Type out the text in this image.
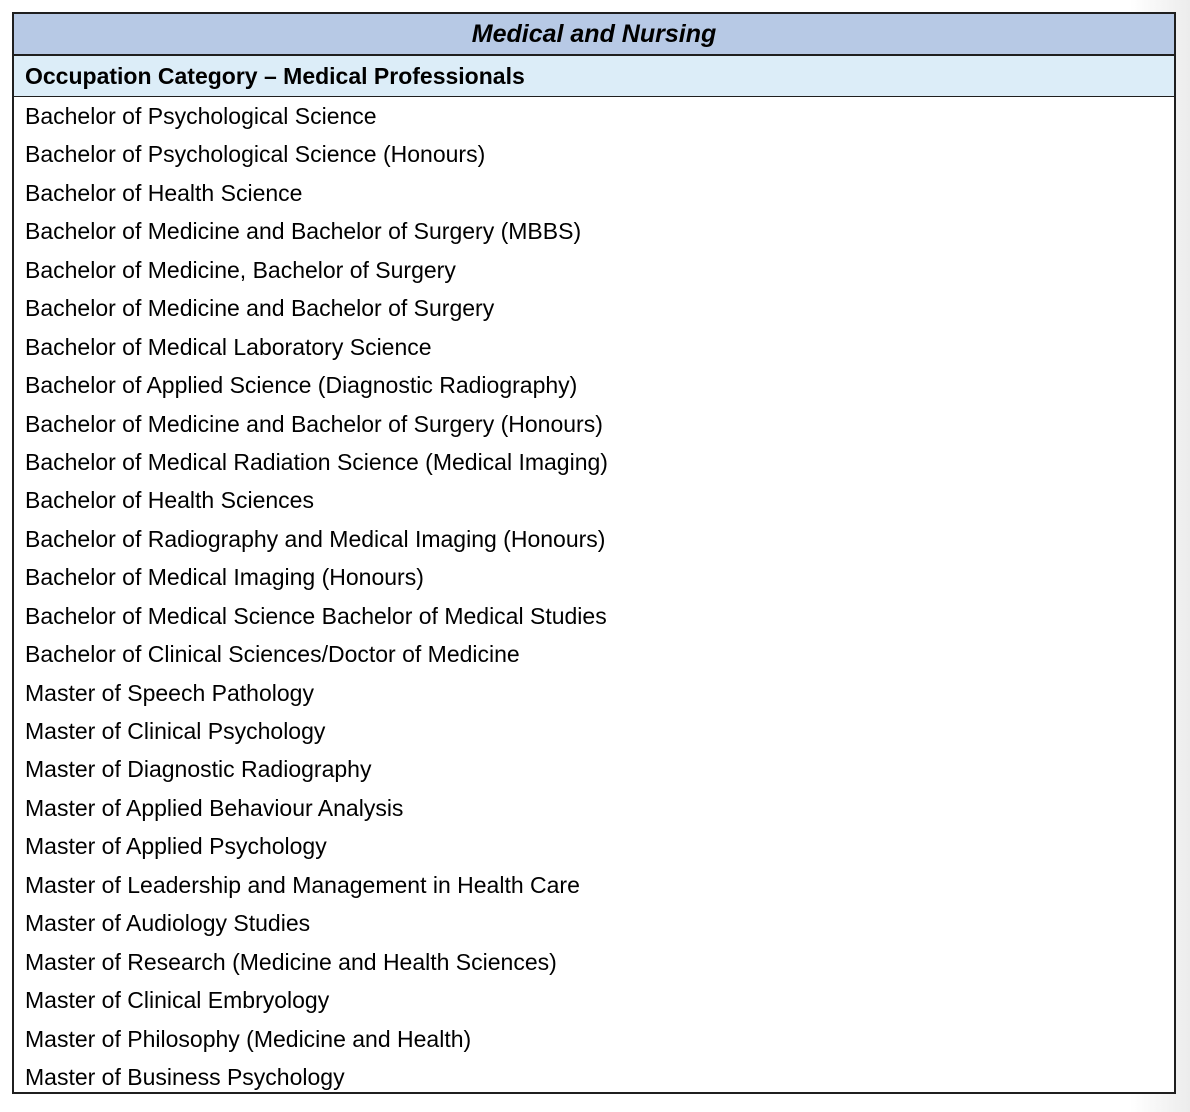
Medical and Nursing
Occupation Category – Medical Professionals
Bachelor of Psychological Science
Bachelor of Psychological Science (Honours)
Bachelor of Health Science
Bachelor of Medicine and Bachelor of Surgery (MBBS)
Bachelor of Medicine, Bachelor of Surgery
Bachelor of Medicine and Bachelor of Surgery
Bachelor of Medical Laboratory Science
Bachelor of Applied Science (Diagnostic Radiography)
Bachelor of Medicine and Bachelor of Surgery (Honours)
Bachelor of Medical Radiation Science (Medical Imaging)
Bachelor of Health Sciences
Bachelor of Radiography and Medical Imaging (Honours)
Bachelor of Medical Imaging (Honours)
Bachelor of Medical Science Bachelor of Medical Studies
Bachelor of Clinical Sciences/Doctor of Medicine
Master of Speech Pathology
Master of Clinical Psychology
Master of Diagnostic Radiography
Master of Applied Behaviour Analysis
Master of Applied Psychology
Master of Leadership and Management in Health Care
Master of Audiology Studies
Master of Research (Medicine and Health Sciences)
Master of Clinical Embryology
Master of Philosophy (Medicine and Health)
Master of Business Psychology
